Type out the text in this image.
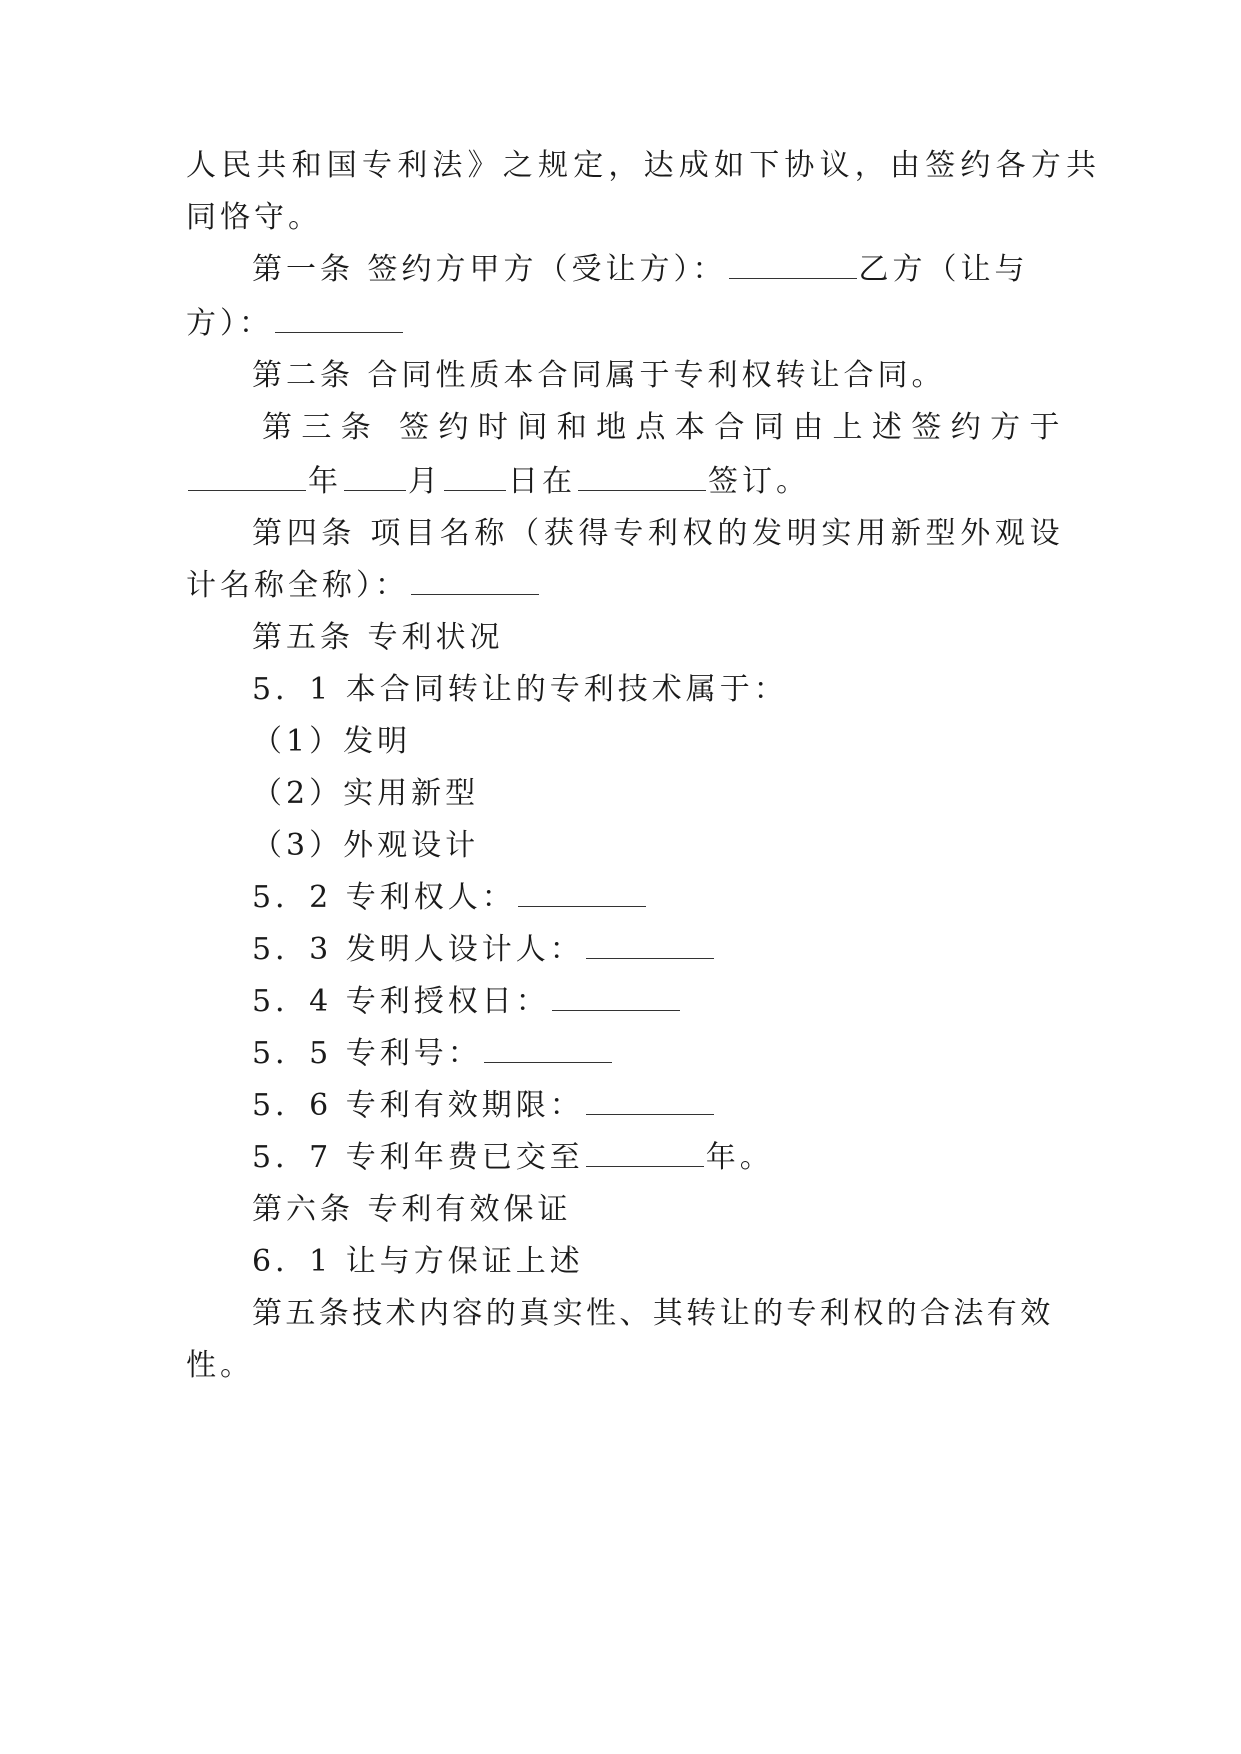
人民共和国专利法》之规定，达成如下协议，由签约各方共
同恪守。
第一条 签约方甲方（受让方）：	乙方（让与
方）：
第二条 合同性质本合同属于专利权转让合同。
第三条 签约时间和地点本合同由上述签约方于
年 月 日在	签订。
第四条 项目名称（获得专利权的发明实用新型外观设
计名称全称）：
第五条 专利状况
5．1 本合同转让的专利技术属于：
（1）发明
（2）实用新型
（3）外观设计
5．2 专利权人：
5．3 发明人设计人：
5．4 专利授权日：
5．5 专利号：
5．6 专利有效期限：
5．7 专利年费已交至	年。
第六条 专利有效保证
6．1 让与方保证上述
第五条技术内容的真实性、其转让的专利权的合法有效
性。
